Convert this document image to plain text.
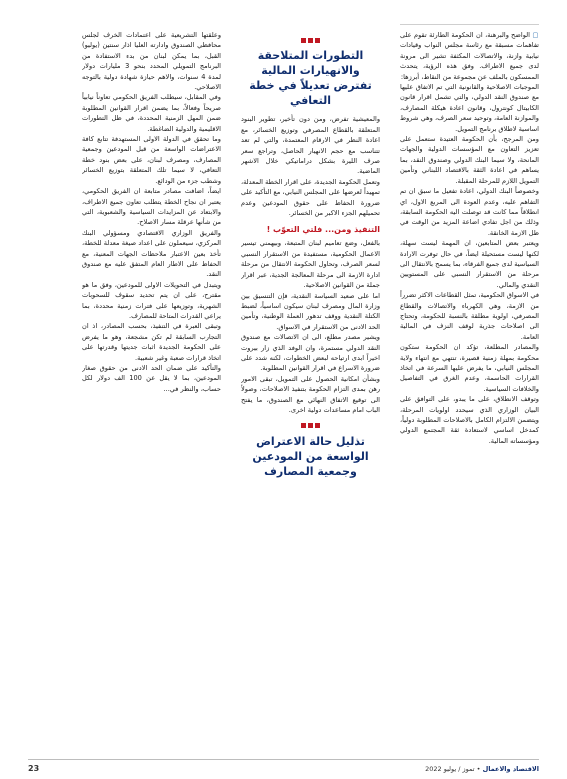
▢ الواضح والبرهنة، ان الحكومة الطارئة تقوم على تفاهمات مسبقة مع رئاسة مجلس النواب وقيادات نيابية وازنة، والاتصالات المكثفة تشير الى مرونة لدى جميع الاطراف. وفق هذه الرؤية، يتحدث الممسكون بالملف عن مجموعة من النقاط، أبرزها:

الموجبات الاصلاحية والقانونية التي تم الاتفاق عليها مع صندوق النقد الدولي، والتي تشمل اقرار قانون الكابيتال كونترول، وقانون اعادة هيكلة المصارف، والموازنة العامة، وتوحيد سعر الصرف، وهي شروط اساسية لاطلاق برنامج التمويل.

ومن المرجح، بأن الحكومة العتيدة ستعمل على تعزيز التعاون مع المؤسسات الدولية والجهات المانحة، ولا سيما البنك الدولي وصندوق النقد، بما يساهم في اعادة الثقة بالاقتصاد اللبناني وتأمين التمويل اللازم للمرحلة المقبلة.

وخصوصاً البنك الدولي، اعادة تفعيل ما سبق ان تم التفاهم عليه، وعدم العودة الى المربع الاول، اي انطلاقاً مما كانت قد توصلت اليه الحكومة السابقة، وذلك من اجل تفادي اضاعة المزيد من الوقت في ظل الازمة الخانقة.

ويعتبر بعض المتابعين، ان المهمة ليست سهلة، لكنها ليست مستحيلة ايضاً، في حال توفرت الارادة السياسية لدى جميع الفرقاء، بما يسمح بالانتقال الى مرحلة من الاستقرار النسبي على المستويين النقدي والمالي.

في الاسواق الحكومية، تمثل القطاعات الاكثر تضرراً من الازمة، وهي الكهرباء والاتصالات والقطاع المصرفي، اولوية مطلقة بالنسبة للحكومة، وتحتاج الى اصلاحات جذرية لوقف النزف في المالية العامة.

والمصادر المطلعة، تؤكد ان الحكومة ستكون محكومة بمهلة زمنية قصيرة، تنتهي مع انتهاء ولاية المجلس النيابي، ما يفرض عليها السرعة في اتخاذ القرارات الحاسمة، وعدم الغرق في التفاصيل والخلافات السياسية.

وتوقف الانطلاق، على ما يبدو، على التوافق على البيان الوزاري الذي سيحدد اولويات المرحلة، ويتضمن الالتزام الكامل بالاصلاحات المطلوبة دولياً، كمدخل اساسي لاستعادة ثقة المجتمع الدولي ومؤسساته المالية.

التطورات المتلاحقة والانهيارات المالية تفترض تعديلاً في خطة التعافي

والمعيشية تفرض، ومن دون تأخير، تطوير البنود المتعلقة بالقطاع المصرفي وتوزيع الخسائر، مع اعادة النظر في الارقام المعتمدة، والتي لم تعد تتناسب مع حجم الانهيار الحاصل، وتراجع سعر صرف الليرة بشكل دراماتيكي خلال الاشهر الماضية.

وتعمل الحكومة الجديدة، على اقرار الخطة المعدلة، تمهيداً لعرضها على المجلس النيابي، مع التأكيد على ضرورة الحفاظ على حقوق المودعين وعدم تحميلهم الجزء الاكبر من الخسائر.

التنفيذ ومن... فلتي التعوّب !

بالفعل، وضع تعاميم لبنان المتبعة، وبيهمني تيسير الاعمال الحكومية، مستفيدة من الاستقرار النسبي لسعر الصرف، وتحاول الحكومة الانتقال من مرحلة ادارة الازمة الى مرحلة المعالجة الجدية، عبر اقرار جملة من القوانين الاصلاحية.

اما على صعيد السياسة النقدية، فإن التنسيق بين وزارة المال ومصرف لبنان سيكون اساسياً، لضبط الكتلة النقدية ووقف تدهور العملة الوطنية، وتأمين الحد الادنى من الاستقرار في الاسواق.

ويشير مصدر مطلع، الى ان الاتصالات مع صندوق النقد الدولي مستمرة، وان الوفد الذي زار بيروت اخيراً ابدى ارتياحه لبعض الخطوات، لكنه شدد على ضرورة الاسراع في اقرار القوانين المطلوبة.

وبشأن امكانية الحصول على التمويل، تبقى الامور رهن بمدى التزام الحكومة بتنفيذ الاصلاحات، وصولاً الى توقيع الاتفاق النهائي مع الصندوق، ما يفتح الباب امام مساعدات دولية اخرى.

تذليل حالة الاعتراض الواسعة من المودعين وجمعية المصارف

وعلقتها التشريعية على اعتمادات الخرف لجلس محافظي الصندوق وادارته العليا اذار سنتين (يوليو) القبل، بما يمكن لبنان من بدء الاستفادة من البرنامج التمويلي المحدد بنحو 3 مليارات دولار لمدة 4 سنوات، والاهم حيازة شهادة دولية بالتوجه الاصلاحي.

وفي المقابل، سيطلب الفريق الحكومي تعاوناً نيابياً صريحاً وفعالاً، بما يضمن اقرار القوانين المطلوبة ضمن المهل الزمنية المحددة، في ظل التطورات الاقليمية والدولية الضاغطة.

وما تحقق في الدولة الاولى المستهدفة تتابع كافة الاعتراضات الواسعة من قبل المودعين وجمعية المصارف، ومصرف لبنان، على بعض بنود خطة التعافي، لا سيما تلك المتعلقة بتوزيع الخسائر وشطب جزء من الودائع.

ايضاً، اضافت مصادر متابعة ان الفريق الحكومي، يعتبر ان نجاح الخطة يتطلب تعاون جميع الاطراف، والابتعاد عن المزايدات السياسية والشعبوية، التي من شأنها عرقلة مسار الاصلاح.

والفريق الوزاري الاقتصادي ومسؤولي البنك المركزي، سيعملون على اعداد صيغة معدلة للخطة، تأخذ بعين الاعتبار ملاحظات الجهات المعنية، مع الحفاظ على الاطار العام المتفق عليه مع صندوق النقد.

ويتبدل في التحويلات الاولى للمودعين، وفق ما هو مقترح، على ان يتم تحديد سقوف للسحوبات الشهرية، وتوزيعها على فترات زمنية محددة، بما يراعي القدرات المتاحة للمصارف.

وتبقى العبرة في التنفيذ، بحسب المصادر، اذ ان التجارب السابقة لم تكن مشجعة، وهو ما يفرض على الحكومة الجديدة اثبات جديتها وقدرتها على اتخاذ قرارات صعبة وغير شعبية.

والتأكيد على ضمان الحد الادنى من حقوق صغار المودعين، بما لا يقل عن 100 الف دولار لكل حساب، والنظر في...

23	الاقتصاد والاعمال • تموز / يوليو 2022
